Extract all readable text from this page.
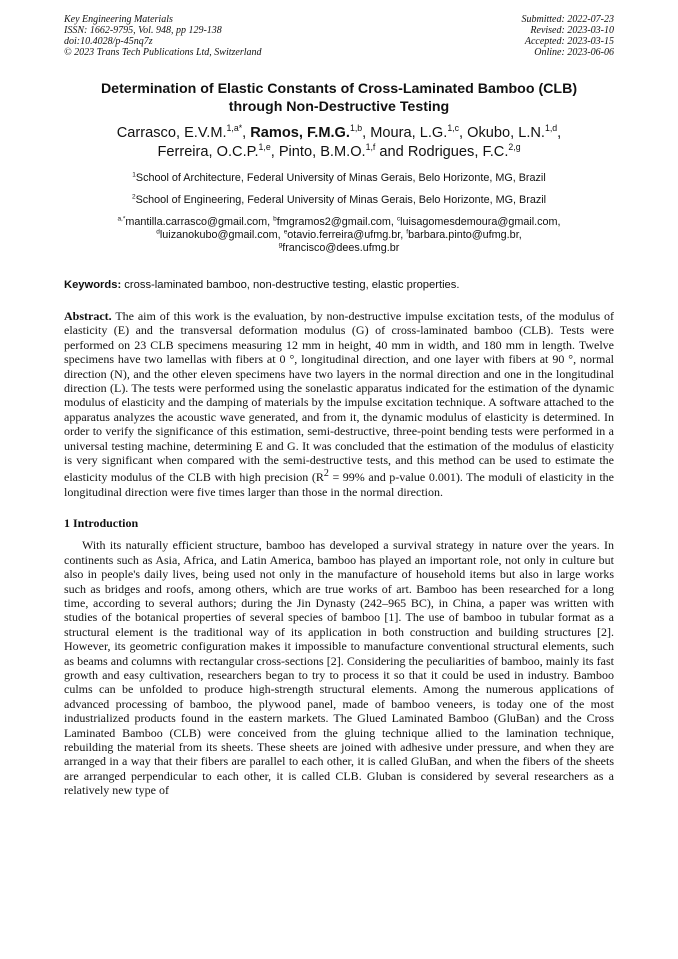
Key Engineering Materials
ISSN: 1662-9795, Vol. 948, pp 129-138
doi:10.4028/p-45nq7z
© 2023 Trans Tech Publications Ltd, Switzerland
Submitted: 2022-07-23
Revised: 2023-03-10
Accepted: 2023-03-15
Online: 2023-06-06
Determination of Elastic Constants of Cross-Laminated Bamboo (CLB)
through Non-Destructive Testing
Carrasco, E.V.M.$^{1,a*}$, Ramos, F.M.G.$^{1,b}$, Moura, L.G.$^{1,c}$, Okubo, L.N.$^{1,d}$,
Ferreira, O.C.P.$^{1,e}$, Pinto, B.M.O.$^{1,f}$ and Rodrigues, F.C.$^{2,g}$
$^1$School of Architecture, Federal University of Minas Gerais, Belo Horizonte, MG, Brazil
$^2$School of Engineering, Federal University of Minas Gerais, Belo Horizonte, MG, Brazil
$^{a,*}$mantilla.carrasco@gmail.com, $^b$fmgramos2@gmail.com, $^c$luisagomesdemoura@gmail.com,
$^d$luizanokubo@gmail.com, $^e$otavio.ferreira@ufmg.br, $^f$barbara.pinto@ufmg.br,
$^g$francisco@dees.ufmg.br
Keywords: cross-laminated bamboo, non-destructive testing, elastic properties.
Abstract. The aim of this work is the evaluation, by non-destructive impulse excitation tests, of the modulus of elasticity (E) and the transversal deformation modulus (G) of cross-laminated bamboo (CLB). Tests were performed on 23 CLB specimens measuring 12 mm in height, 40 mm in width, and 180 mm in length. Twelve specimens have two lamellas with fibers at 0 °, longitudinal direction, and one layer with fibers at 90 °, normal direction (N), and the other eleven specimens have two layers in the normal direction and one in the longitudinal direction (L). The tests were performed using the sonelastic apparatus indicated for the estimation of the dynamic modulus of elasticity and the damping of materials by the impulse excitation technique. A software attached to the apparatus analyzes the acoustic wave generated, and from it, the dynamic modulus of elasticity is determined. In order to verify the significance of this estimation, semi-destructive, three-point bending tests were performed in a universal testing machine, determining E and G. It was concluded that the estimation of the modulus of elasticity is very significant when compared with the semi-destructive tests, and this method can be used to estimate the elasticity modulus of the CLB with high precision ($R^2 = 99\%$ and p-value 0.001). The moduli of elasticity in the longitudinal direction were five times larger than those in the normal direction.
1 Introduction
With its naturally efficient structure, bamboo has developed a survival strategy in nature over the years. In continents such as Asia, Africa, and Latin America, bamboo has played an important role, not only in culture but also in people's daily lives, being used not only in the manufacture of household items but also in large works such as bridges and roofs, among others, which are true works of art. Bamboo has been researched for a long time, according to several authors; during the Jin Dynasty (242–965 BC), in China, a paper was written with studies of the botanical properties of several species of bamboo [1]. The use of bamboo in tubular format as a structural element is the traditional way of its application in both construction and building structures [2]. However, its geometric configuration makes it impossible to manufacture conventional structural elements, such as beams and columns with rectangular cross-sections [2]. Considering the peculiarities of bamboo, mainly its fast growth and easy cultivation, researchers began to try to process it so that it could be used in industry. Bamboo culms can be unfolded to produce high-strength structural elements. Among the numerous applications of advanced processing of bamboo, the plywood panel, made of bamboo veneers, is today one of the most industrialized products found in the eastern markets. The Glued Laminated Bamboo (GluBan) and the Cross Laminated Bamboo (CLB) were conceived from the gluing technique allied to the lamination technique, rebuilding the material from its sheets. These sheets are joined with adhesive under pressure, and when they are arranged in a way that their fibers are parallel to each other, it is called GluBan, and when the fibers of the sheets are arranged perpendicular to each other, it is called CLB. Gluban is considered by several researchers as a relatively new type of
